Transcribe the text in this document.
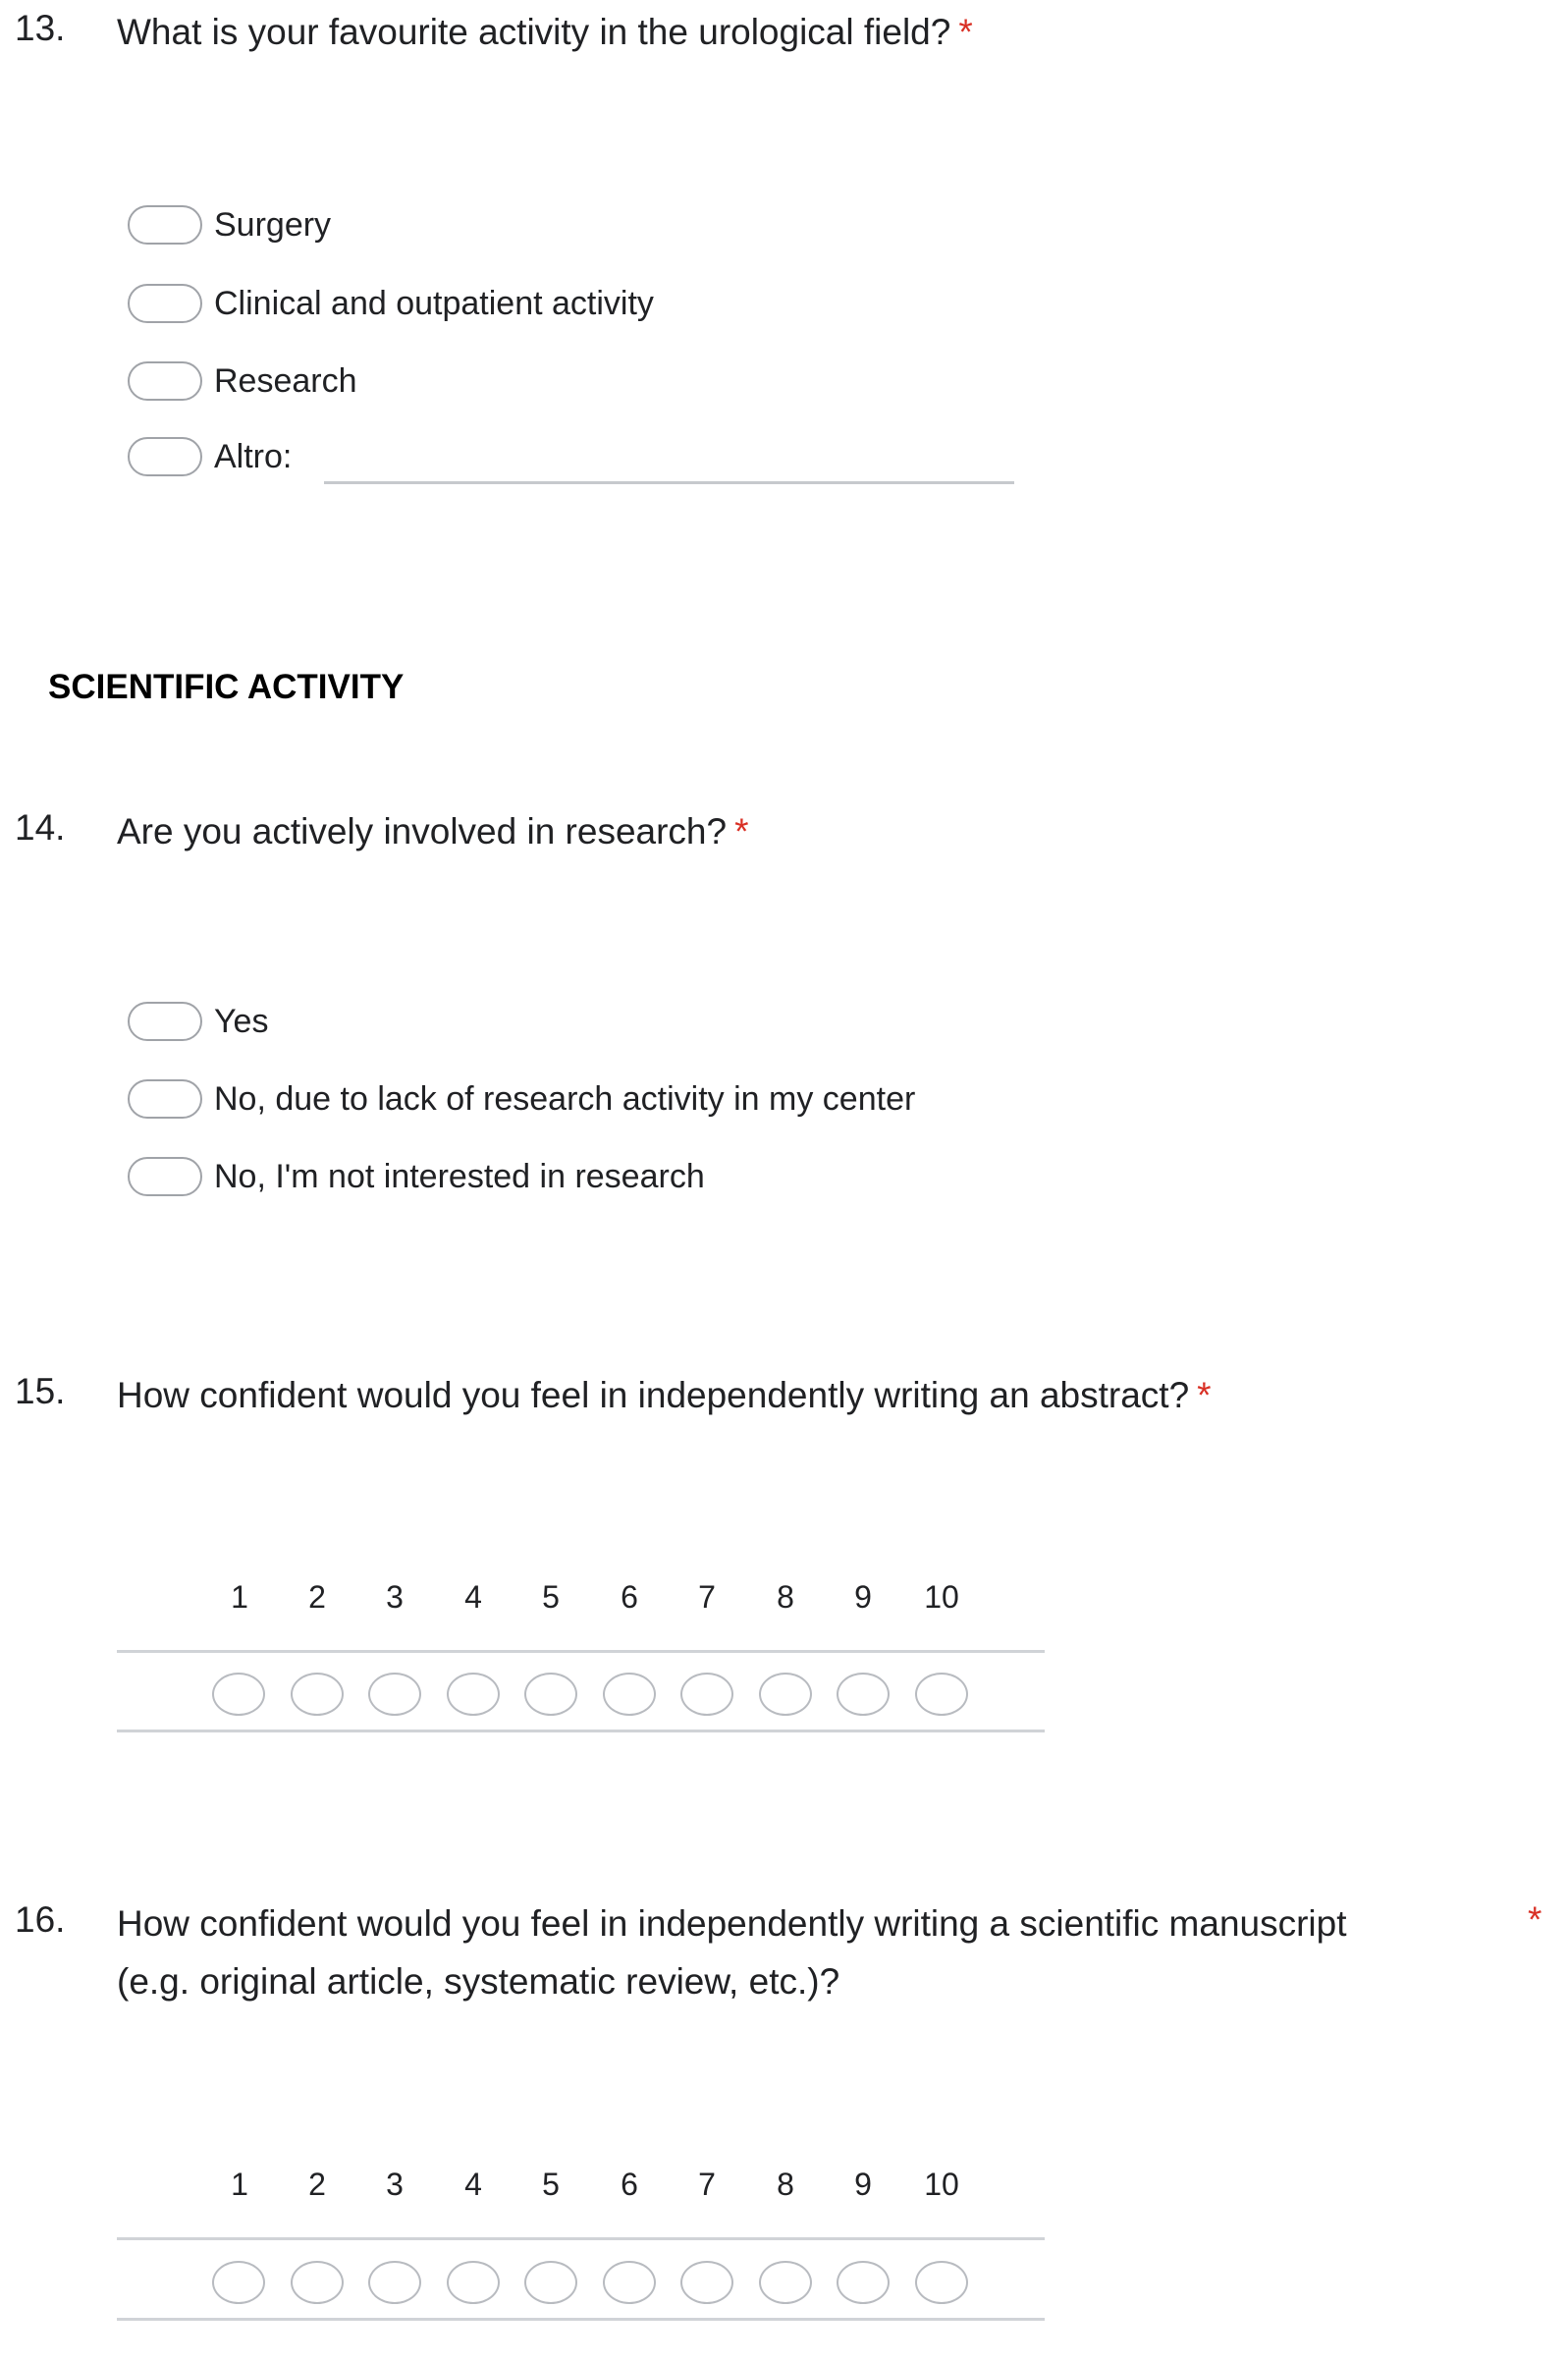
13. What is your favourite activity in the urological field? *
Surgery
Clinical and outpatient activity
Research
Altro:
SCIENTIFIC ACTIVITY
14. Are you actively involved in research? *
Yes
No, due to lack of research activity in my center
No, I'm not interested in research
15. How confident would you feel in independently writing an abstract? *
1	2	3	4	5	6	7	8	9	10
16. How confident would you feel in independently writing a scientific manuscript
(e.g. original article, systematic review, etc.)?
*
1	2	3	4	5	6	7	8	9	10
